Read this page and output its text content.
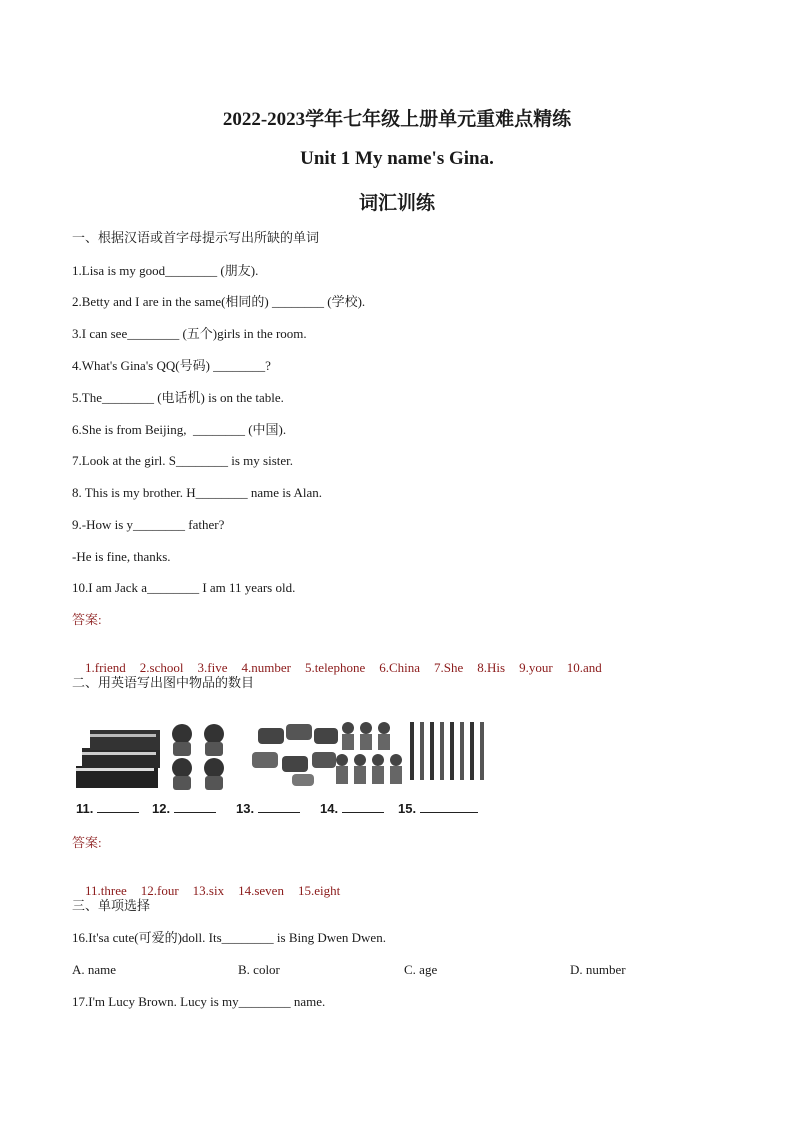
2022-2023学年七年级上册单元重难点精练
Unit 1 My name's Gina.
词汇训练
一、根据汉语或首字母提示写出所缺的单词
1.Lisa is my good________ (朋友).
2.Betty and I are in the same(相同的) ________ (学校).
3.I can see________ (五个)girls in the room.
4.What's Gina's QQ(号码) ________?
5.The________ (电话机) is on the table.
6.She is from Beijing,  ________ (中国).
7.Look at the girl. S________ is my sister.
8. This is my brother. H________ name is Alan.
9.-How is y________ father?
-He is fine, thanks.
10.I am Jack a________ I am 11 years old.
答案:

1.friend 2.school 3.five 4.number 5.telephone 6.China 7.She 8.His 9.your 10.and

二、用英语写出图中物品的数目
11.	12.	13.	14.	15.
答案:

11.three 12.four 13.six 14.seven 15.eight

三、单项选择
16.It'sa cute(可爱的)doll. Its________ is Bing Dwen Dwen.
A. name	B. color	C. age	D. number
17.I'm Lucy Brown. Lucy is my________ name.
